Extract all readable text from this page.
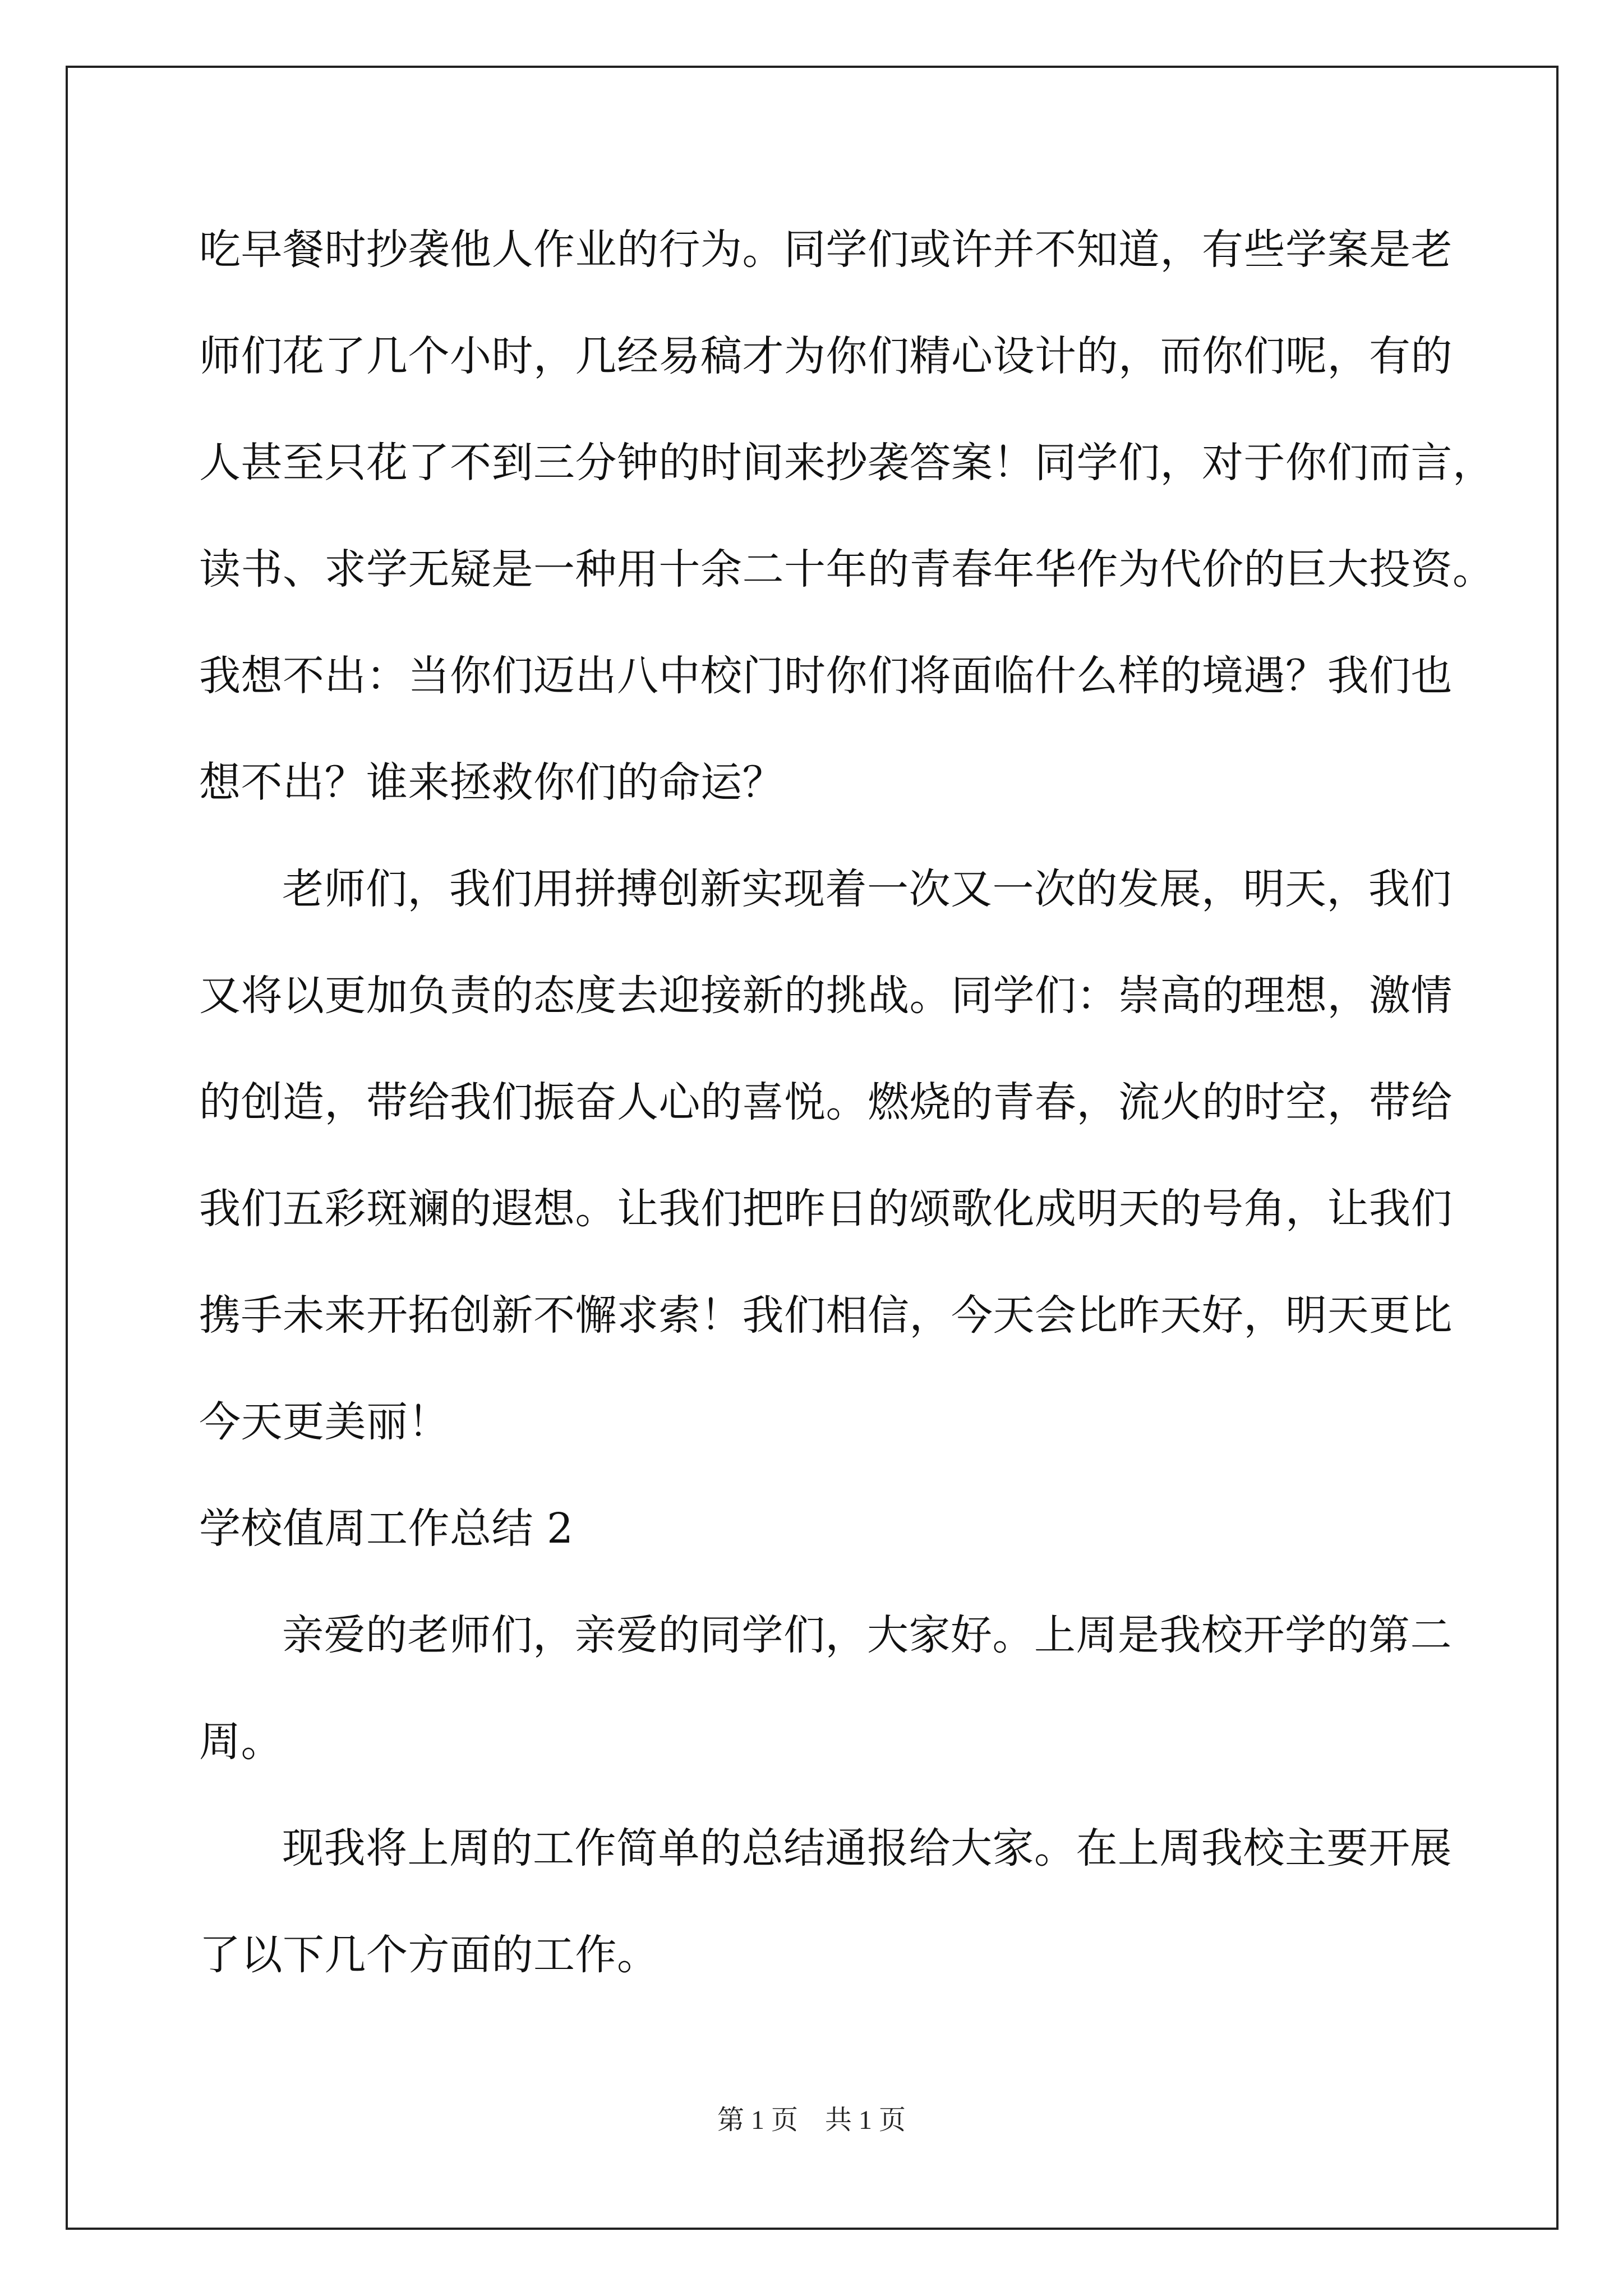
吃早餐时抄袭他人作业的行为。同学们或许并不知道，有些学案是老
师们花了几个小时，几经易稿才为你们精心设计的，而你们呢，有的
人甚至只花了不到三分钟的时间来抄袭答案！同学们，对于你们而言，
读书、求学无疑是一种用十余二十年的青春年华作为代价的巨大投资。
我想不出：当你们迈出八中校门时你们将面临什么样的境遇？我们也
想不出？谁来拯救你们的命运？
老师们，我们用拼搏创新实现着一次又一次的发展，明天，我们
又将以更加负责的态度去迎接新的挑战。同学们：崇高的理想，激情
的创造，带给我们振奋人心的喜悦。燃烧的青春，流火的时空，带给
我们五彩斑斓的遐想。让我们把昨日的颂歌化成明天的号角，让我们
携手未来开拓创新不懈求索！我们相信，今天会比昨天好，明天更比
今天更美丽！
学校值周工作总结 2
亲爱的老师们，亲爱的同学们，大家好。上周是我校开学的第二
周。
现我将上周的工作简单的总结通报给大家。在上周我校主要开展
了以下几个方面的工作。
第 1 页 共 1 页
